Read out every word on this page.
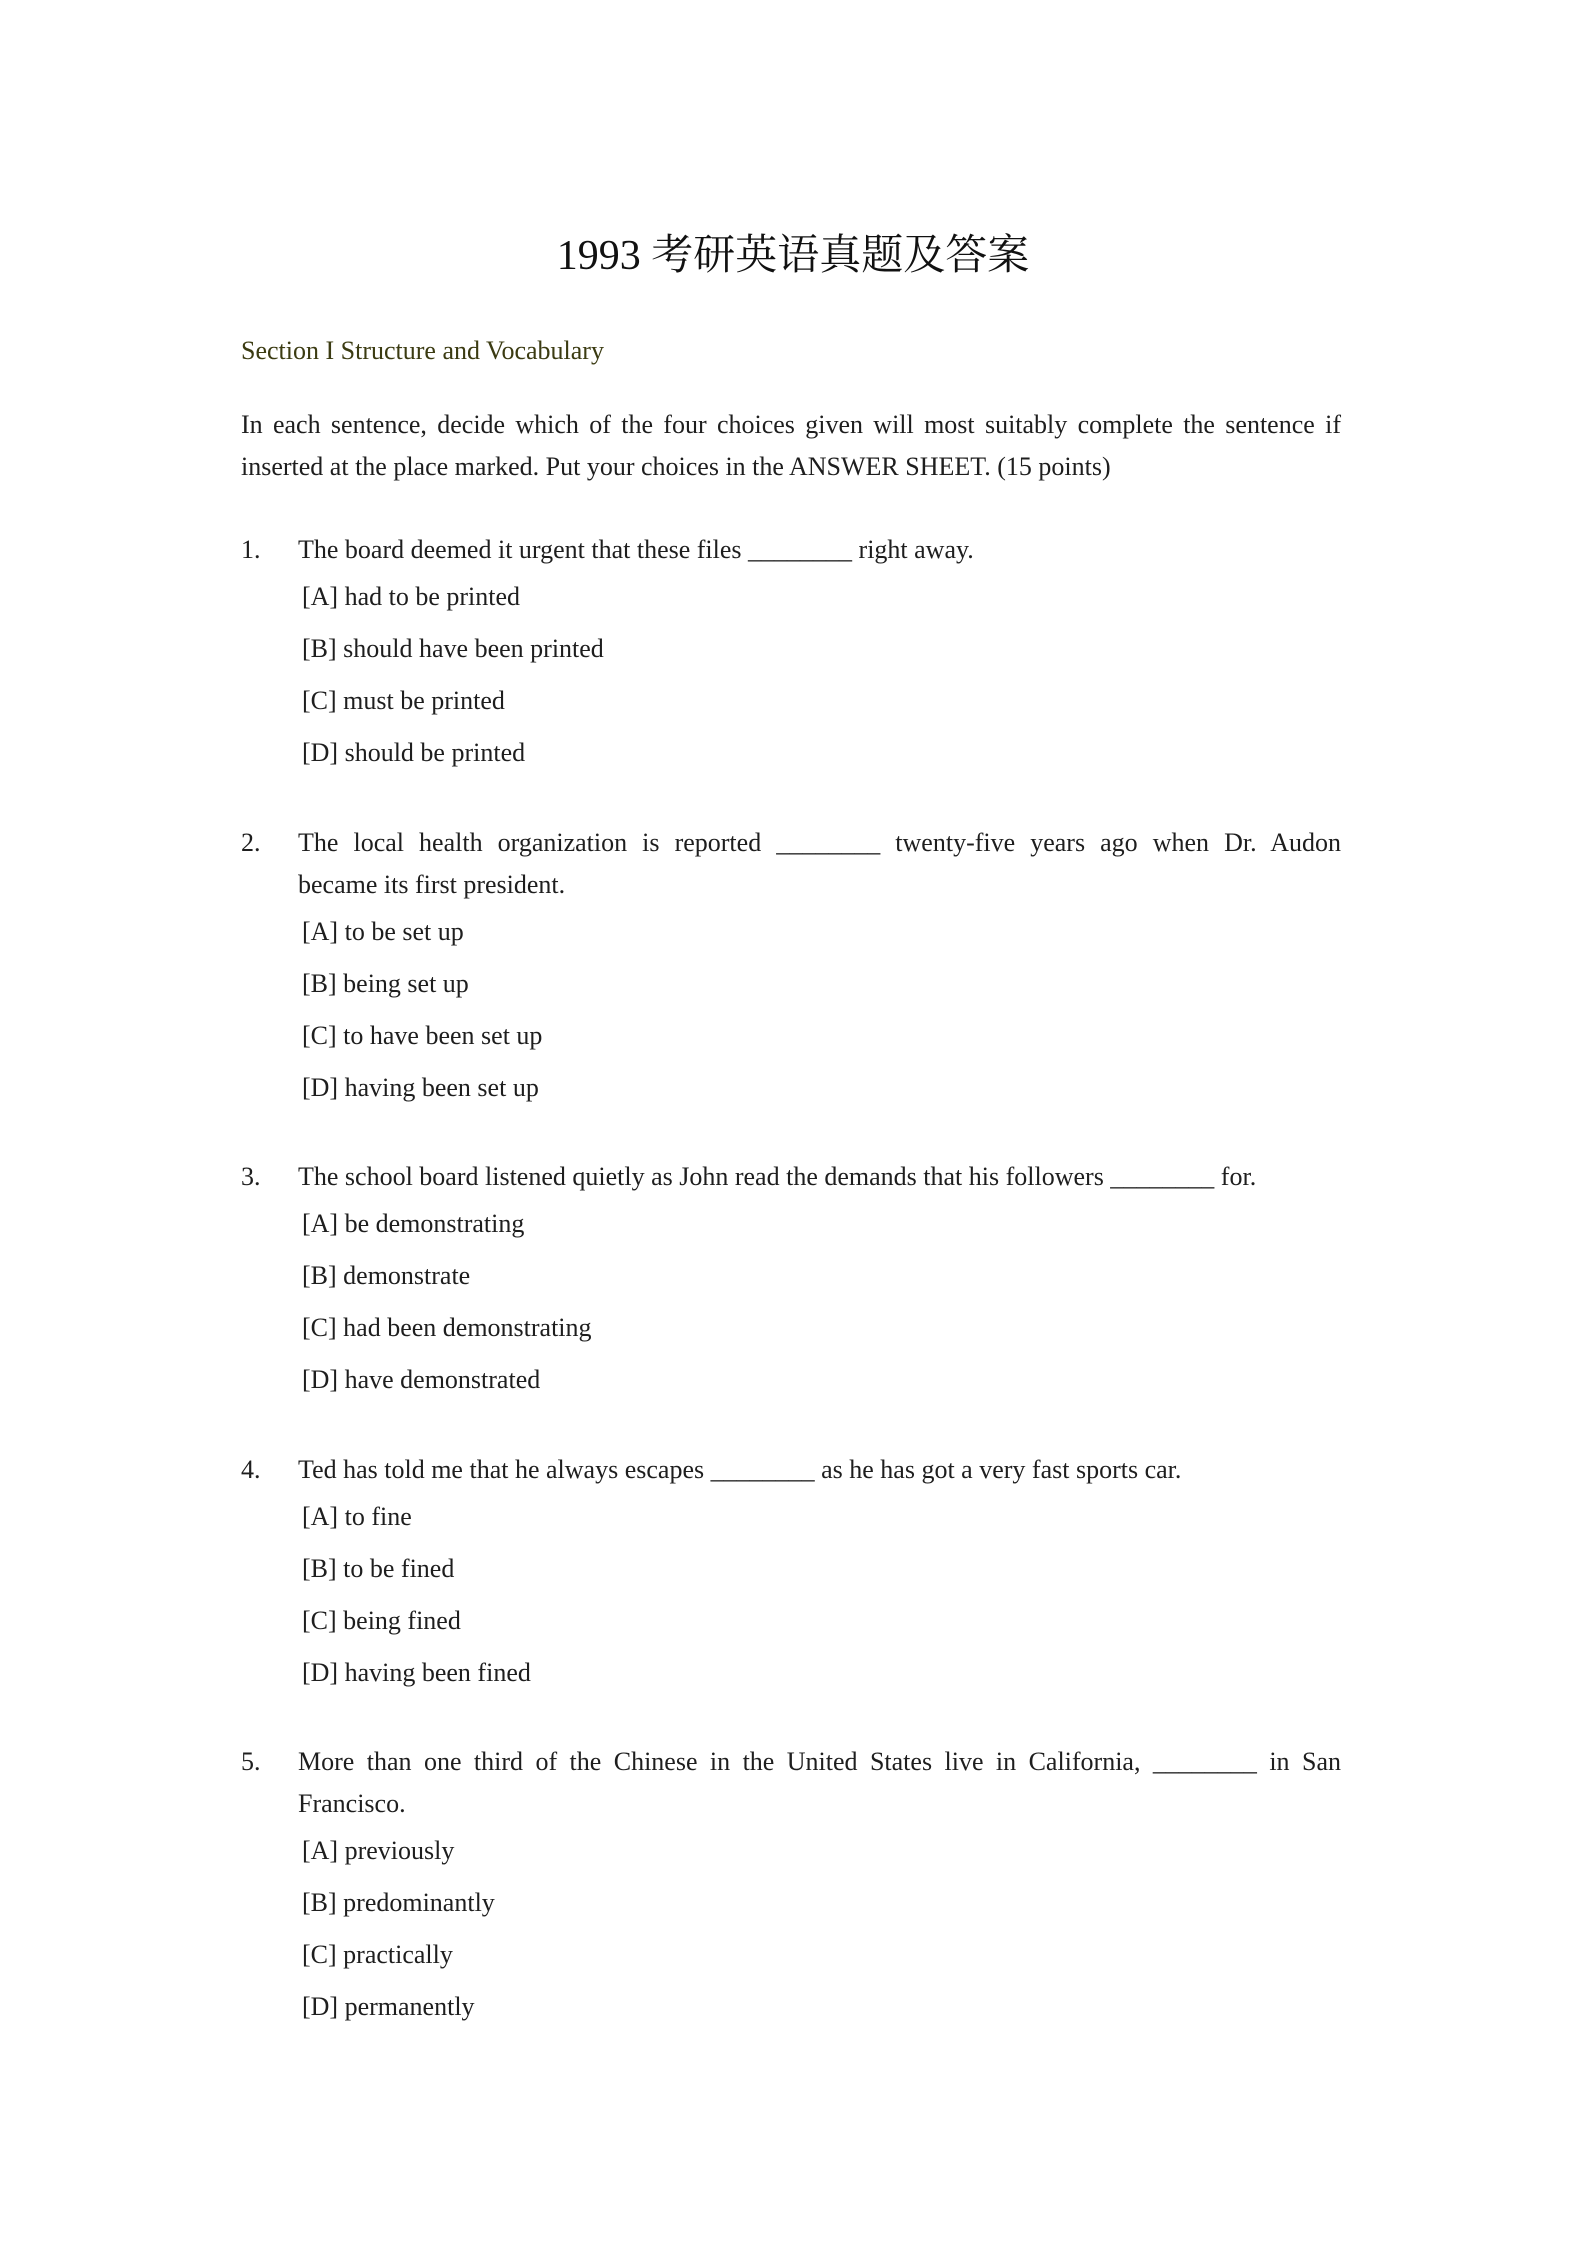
1993 考研英语真题及答案
Section I Structure and Vocabulary

In each sentence, decide which of the four choices given will most suitably complete the sentence if inserted at the place marked. Put your choices in the ANSWER SHEET. (15 points)

1. The board deemed it urgent that these files ________ right away.
[A] had to be printed
[B] should have been printed
[C] must be printed
[D] should be printed
2. The local health organization is reported ________ twenty-five years ago when Dr. Audon
became its first president.
[A] to be set up
[B] being set up
[C] to have been set up
[D] having been set up
3. The school board listened quietly as John read the demands that his followers ________ for.
[A] be demonstrating
[B] demonstrate
[C] had been demonstrating
[D] have demonstrated
4. Ted has told me that he always escapes ________ as he has got a very fast sports car.
[A] to fine
[B] to be fined
[C] being fined
[D] having been fined
5. More than one third of the Chinese in the United States live in California, ________ in San
Francisco.
[A] previously
[B] predominantly
[C] practically
[D] permanently
